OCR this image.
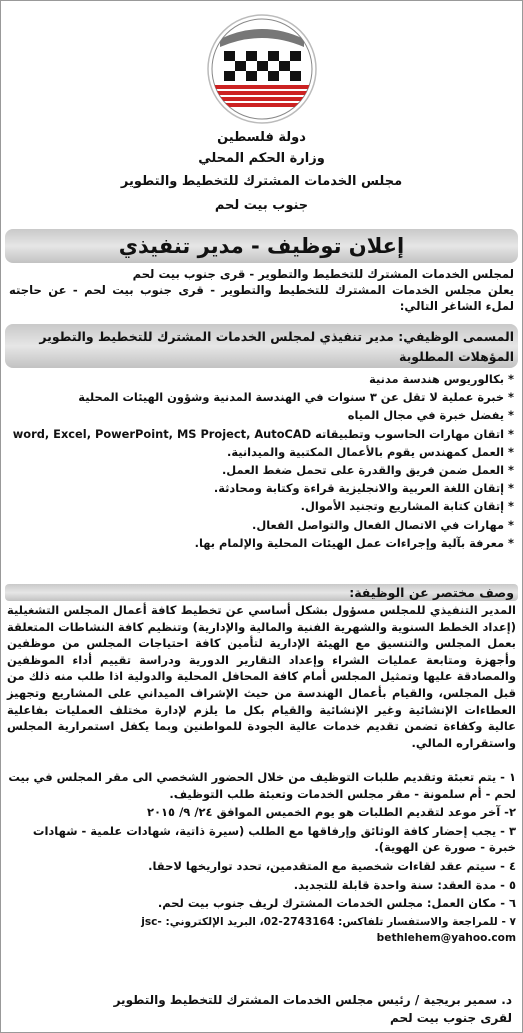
دولة فلسطين
وزارة الحكم المحلي
مجلس الخدمات المشترك للتخطيط والتطوير
جنوب بيت لحم
إعلان توظيف - مدير تنفيذي

لمجلس الخدمات المشترك للتخطيط والتطوير - قرى جنوب بيت لحم

يعلن مجلس الخدمات المشترك للتخطيط والتطوير - قرى جنوب بيت لحم - عن حاجته لملء الشاغر التالي:

المسمى الوظيفي: مدير تنفيذي لمجلس الخدمات المشترك للتخطيط والتطوير
المؤهلات المطلوبة
* بكالوريوس هندسة مدنية
* خبرة عملية لا تقل عن ٣ سنوات في الهندسة المدنية وشؤون الهيئات المحلية
* يفضل خبرة في مجال المياه
* اتقان مهارات الحاسوب وتطبيقاته word, Excel, PowerPoint, MS Project, AutoCAD
* العمل كمهندس يقوم بالأعمال المكتبية والميدانية.
* العمل ضمن فريق والقدرة على تحمل ضغط العمل.
* إتقان اللغة العربية والانجليزية قراءة وكتابة ومحادثة.
* إتقان كتابة المشاريع وتجنيد الأموال.
* مهارات في الاتصال الفعال والتواصل الفعال.
* معرفة بآلية وإجراءات عمل الهيئات المحلية والإلمام بها.
وصف مختصر عن الوظيفة:

المدير التنفيذي للمجلس مسؤول بشكل أساسي عن تخطيط كافة أعمال المجلس التشغيلية (إعداد الخطط السنوية والشهرية الفنية والمالية والإدارية) وتنظيم كافة النشاطات المتعلقة بعمل المجلس والتنسيق مع الهيئة الإدارية لتأمين كافة احتياجات المجلس من موظفين وأجهزة ومتابعة عمليات الشراء وإعداد التقارير الدورية ودراسة تقييم أداء الموظفين والمصادقة عليها وتمثيل المجلس أمام كافة المحافل المحلية والدولية اذا طلب منه ذلك من قبل المجلس، والقيام بأعمال الهندسة من حيث الإشراف الميداني على المشاريع وتجهيز العطاءات الإنشائية وغير الإنشائية والقيام بكل ما يلزم لإدارة مختلف العمليات بفاعلية عالية وكفاءة تضمن تقديم خدمات عالية الجودة للمواطنين وبما يكفل استمرارية المجلس واستقراره المالي.

١ - يتم تعبئة وتقديم طلبات التوظيف من خلال الحضور الشخصي الى مقر المجلس في بيت لحم - أم سلمونة - مقر مجلس الخدمات وتعبئة طلب التوظيف.
٢- آخر موعد لتقديم الطلبات هو يوم الخميس الموافق ٢٤/ ٩/ ٢٠١٥
٣ - يجب إحضار كافة الوثائق وإرفاقها مع الطلب (سيرة ذاتية، شهادات علمية - شهادات خبرة - صورة عن الهوية).
٤ - سيتم عقد لقاءات شخصية مع المتقدمين، تحدد تواريخها لاحقا.
٥ - مدة العقد: سنة واحدة قابلة للتجديد.
٦ - مكان العمل: مجلس الخدمات المشترك لريف جنوب بيت لحم.
٧ - للمراجعة والاستفسار تلفاكس: 2743164-02، البريد الإلكتروني: jsc-bethlehem@yahoo.com
د. سمير بريجية / رئيس مجلس الخدمات المشترك للتخطيط والتطوير
لقرى جنوب بيت لحم
